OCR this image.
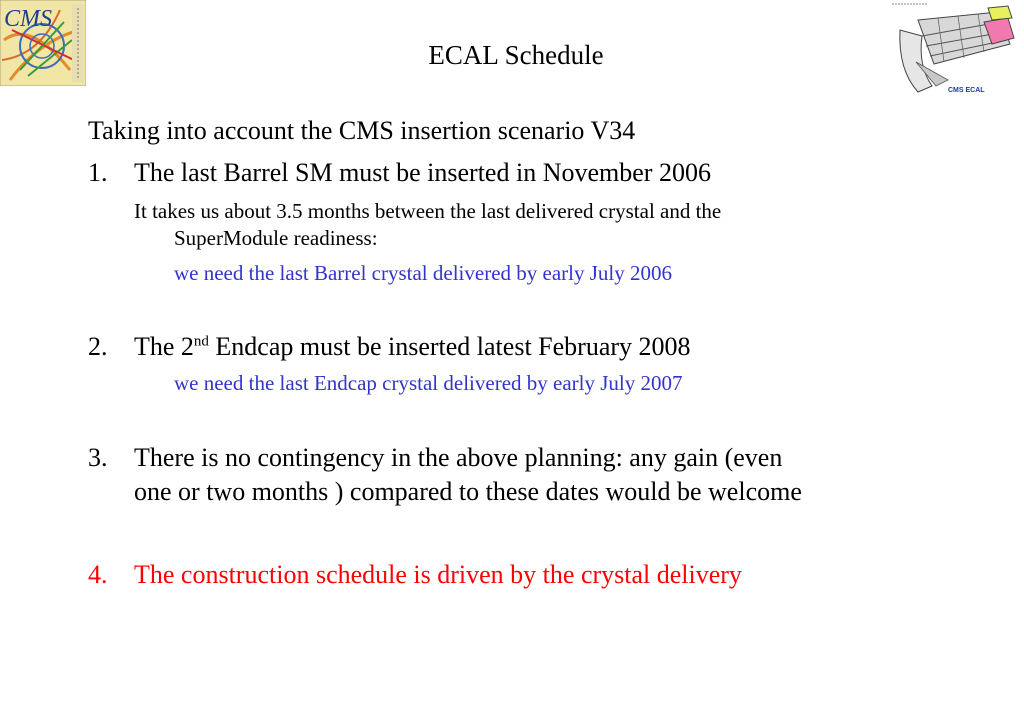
CMS
ECAL Schedule
CMS ECAL
Taking into account the CMS insertion scenario V34
1. The last Barrel SM must be inserted in November 2006
It takes us about 3.5 months between the last delivered crystal and the
SuperModule readiness:
we need the last Barrel crystal delivered by early July 2006
2. The 2nd Endcap must be inserted latest February 2008
we need the last Endcap crystal delivered by early July 2007
3. There is no contingency in the above planning: any gain (even
one or two months ) compared to these dates would be welcome
4. The construction schedule is driven by the crystal delivery
